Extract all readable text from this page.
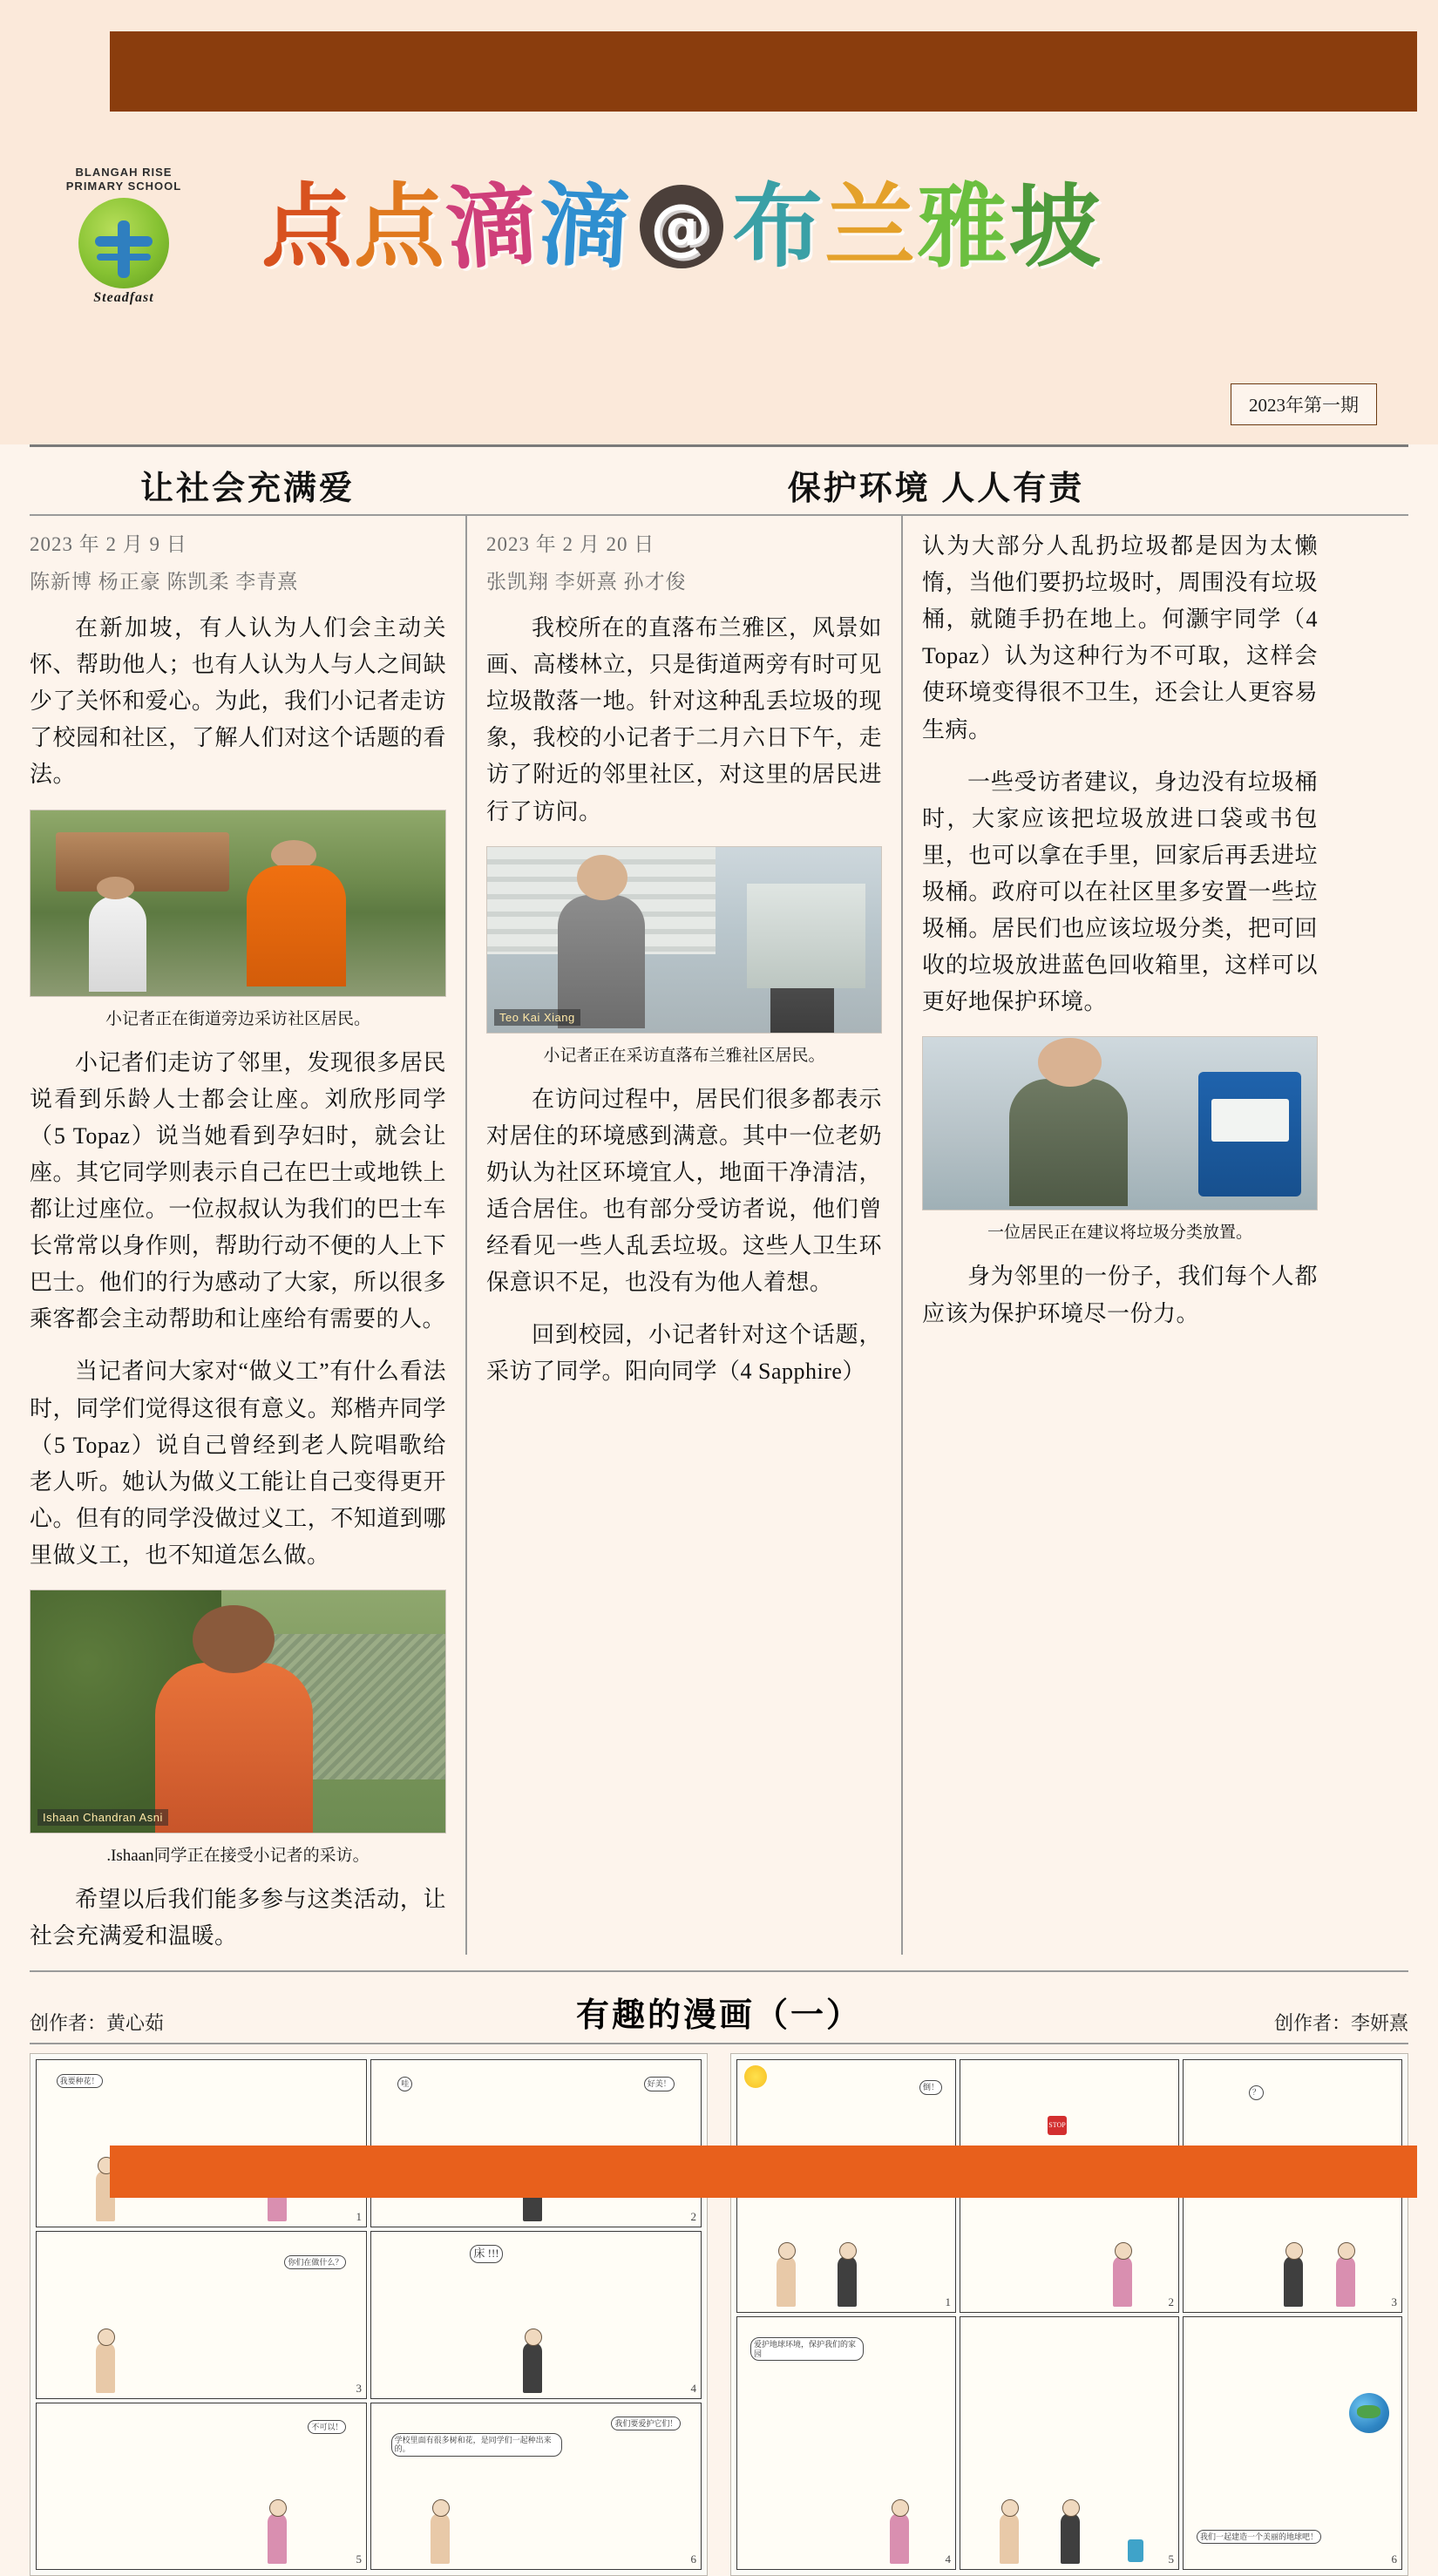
BLANGAH RISE
PRIMARY SCHOOL
Steadfast
点 点
滴
滴 @ 布 兰 雅 坡
2023年第一期
让社会充满爱	保护环境 人人有责
2023 年 2 月 9 日
陈新博 杨正豪 陈凯柔 李青熹

在新加坡，有人认为人们会主动关怀、帮助他人；也有人认为人与人之间缺少了关怀和爱心。为此，我们小记者走访了校园和社区，了解人们对这个话题的看法。

小记者正在街道旁边采访社区居民。

小记者们走访了邻里，发现很多居民说看到乐龄人士都会让座。刘欣彤同学（5 Topaz）说当她看到孕妇时，就会让座。其它同学则表示自己在巴士或地铁上都让过座位。一位叔叔认为我们的巴士车长常常以身作则，帮助行动不便的人上下巴士。他们的行为感动了大家，所以很多乘客都会主动帮助和让座给有需要的人。

当记者问大家对“做义工”有什么看法时，同学们觉得这很有意义。郑楷卉同学（5 Topaz）说自己曾经到老人院唱歌给老人听。她认为做义工能让自己变得更开心。但有的同学没做过义工，不知道到哪里做义工，也不知道怎么做。

Ishaan Chandran Asni
.Ishaan同学正在接受小记者的采访。

希望以后我们能多参与这类活动，让社会充满爱和温暖。

2023 年 2 月 20 日
张凯翔 李妍熹 孙才俊

我校所在的直落布兰雅区，风景如画、高楼林立，只是街道两旁有时可见垃圾散落一地。针对这种乱丢垃圾的现象，我校的小记者于二月六日下午，走访了附近的邻里社区，对这里的居民进行了访问。

Teo Kai Xiang
小记者正在采访直落布兰雅社区居民。

在访问过程中，居民们很多都表示对居住的环境感到满意。其中一位老奶奶认为社区环境宜人，地面干净清洁，适合居住。也有部分受访者说，他们曾经看见一些人乱丢垃圾。这些人卫生环保意识不足，也没有为他人着想。

回到校园，小记者针对这个话题，采访了同学。阳向同学（4 Sapphire）

认为大部分人乱扔垃圾都是因为太懒惰，当他们要扔垃圾时，周围没有垃圾桶，就随手扔在地上。何灏宇同学（4 Topaz）认为这种行为不可取，这样会使环境变得很不卫生，还会让人更容易生病。

一些受访者建议，身边没有垃圾桶时，大家应该把垃圾放进口袋或书包里，也可以拿在手里，回家后再丢进垃圾桶。政府可以在社区里多安置一些垃圾桶。居民们也应该垃圾分类，把可回收的垃圾放进蓝色回收箱里，这样可以更好地保护环境。

一位居民正在建议将垃圾分类放置。

身为邻里的一份子，我们每个人都应该为保护环境尽一份力。

创作者：黄心茹	有趣的漫画（一）	创作者：李妍熹
我要种花！
1
哇	好美！
2
你们在做什么？
3
床 !!!
4
不可以！
5
学校里面有很多树和花，是同学们一起种出来的。
我们要爱护它们！
6
1
倒！
STOP
2
？
3
爱护地球环境，保护我们的家园
4	5
我们一起建造一个美丽的地球吧！
6
